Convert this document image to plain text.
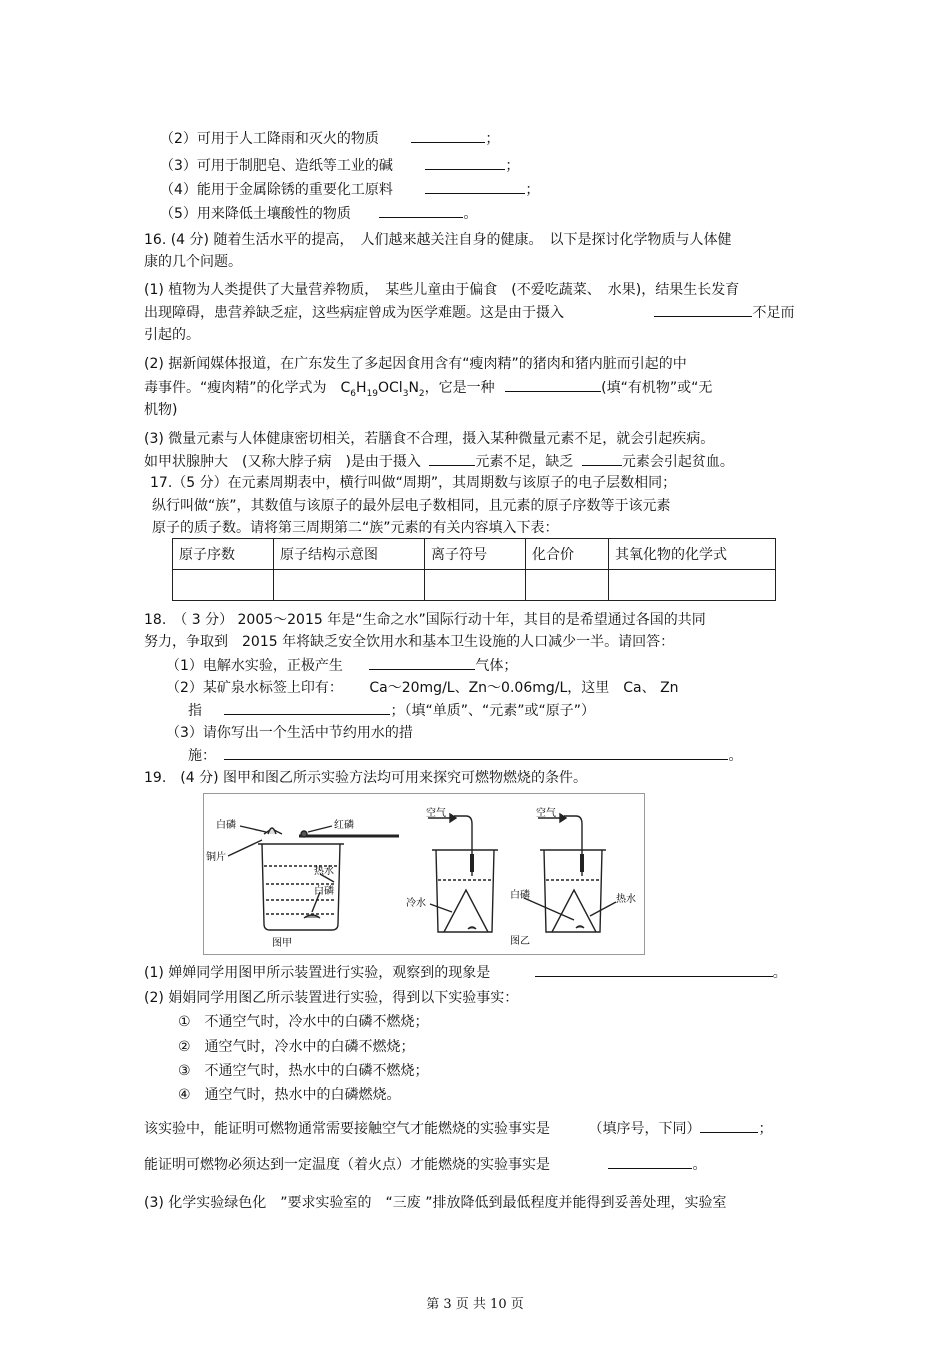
（2）可用于人工降雨和灭火的物质	；
（3）可用于制肥皂、造纸等工业的碱	；
（4）能用于金属除锈的重要化工原料	；
（5）用来降低土壤酸性的物质	。
16. (4 分) 随着生活水平的提高，　人们越来越关注自身的健康。　以下是探讨化学物质与人体健
康的几个问题。
(1) 植物为人类提供了大量营养物质，　某些儿童由于偏食　(不爱吃蔬菜、　水果)，结果生长发育
出现障碍，患营养缺乏症，这些病症曾成为医学难题。这是由于摄入	不足而
引起的。
(2) 据新闻媒体报道，在广东发生了多起因食用含有“瘦肉精”的猪肉和猪内脏而引起的中
毒事件。“瘦肉精”的化学式为　$C_6H_{19}OCl_3N_2$，它是一种	(填“有机物”或“无
机物)
(3) 微量元素与人体健康密切相关，若膳食不合理，摄入某种微量元素不足，就会引起疾病。
如甲状腺肿大　(又称大脖子病　)是由于摄入	元素不足，缺乏	元素会引起贫血。
17.（5 分）在元素周期表中，横行叫做“周期”，其周期数与该原子的电子层数相同；
纵行叫做“族”，其数值与该原子的最外层电子数相同，且元素的原子序数等于该元素
原子的质子数。请将第三周期第二“族”元素的有关内容填入下表：
原子序数	原子结构示意图	离子符号	化合价	其氧化物的化学式

18.　（ 3 分） 2005～2015 年是“生命之水”国际行动十年，其目的是希望通过各国的共同
努力，争取到　2015 年将缺乏安全饮用水和基本卫生设施的人口减少一半。请回答：
（1）电解水实验，正极产生	气体；
（2）某矿泉水标签上印有： Ca～20mg/L、Zn～0.06mg/L，这里　Ca、 Zn
指	；（填“单质”、“元素”或“原子”）
（3）请你写出一个生活中节约用水的措
施：	。
19.　(4 分) 图甲和图乙所示实验方法均可用来探究可燃物燃烧的条件。
白磷	红磷
铜片
热水
白磷
图甲
空气	空气
冷水
白磷	热水
图乙
(1) 婵婵同学用图甲所示装置进行实验，观察到的现象是	。
(2) 娟娟同学用图乙所示装置进行实验，得到以下实验事实：
①　不通空气时，冷水中的白磷不燃烧；
②　通空气时，冷水中的白磷不燃烧；
③　不通空气时，热水中的白磷不燃烧；
④　通空气时，热水中的白磷燃烧。
该实验中，能证明可燃物通常需要接触空气才能燃烧的实验事实是	（填序号，下同）	；
能证明可燃物必须达到一定温度（着火点）才能燃烧的实验事实是	。
(3) 化学实验绿色化　”要求实验室的　“三废 ”排放降低到最低程度并能得到妥善处理，实验室
第 3 页 共 10 页
